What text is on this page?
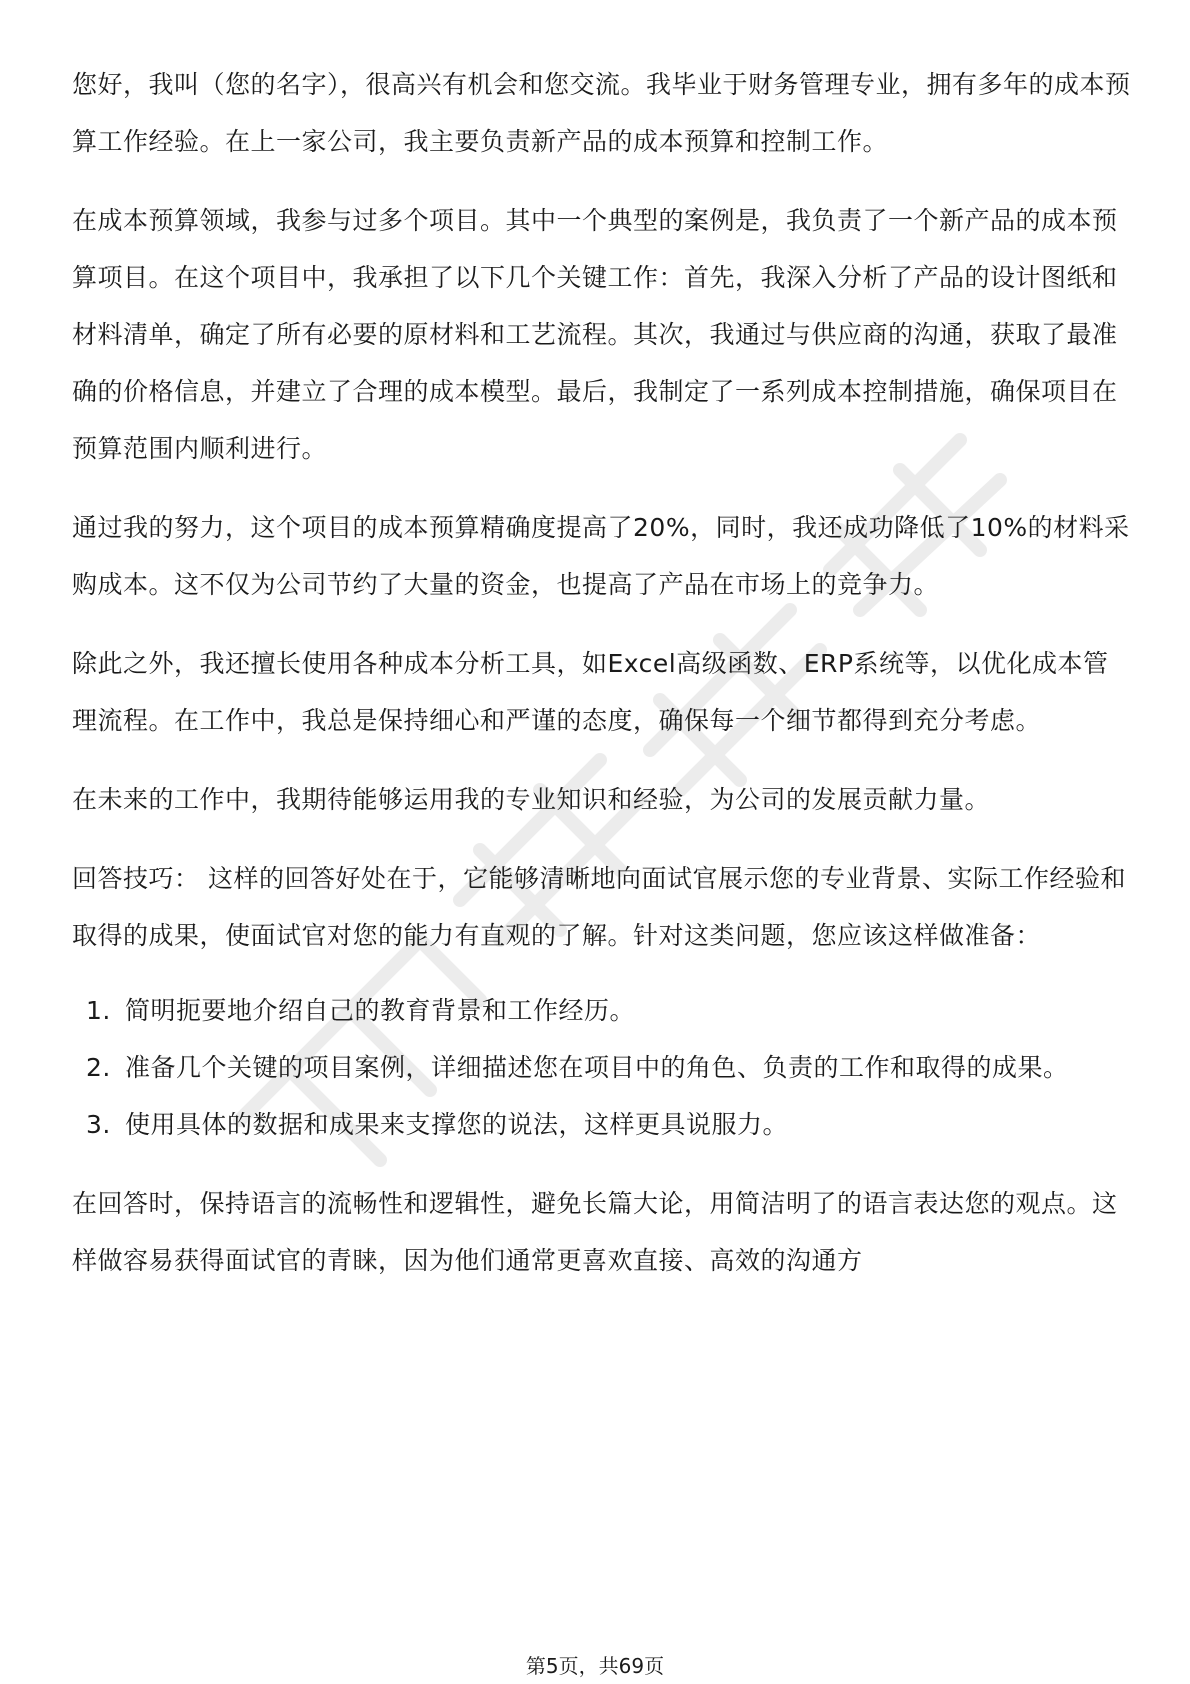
您好，我叫（您的名字），很高兴有机会和您交流。我毕业于财务管理专业，拥有多年的成本预算工作经验。在上一家公司，我主要负责新产品的成本预算和控制工作。

在成本预算领域，我参与过多个项目。其中一个典型的案例是，我负责了一个新产品的成本预算项目。在这个项目中，我承担了以下几个关键工作：首先，我深入分析了产品的设计图纸和材料清单，确定了所有必要的原材料和工艺流程。其次，我通过与供应商的沟通，获取了最准确的价格信息，并建立了合理的成本模型。最后，我制定了一系列成本控制措施，确保项目在预算范围内顺利进行。

通过我的努力，这个项目的成本预算精确度提高了20%，同时，我还成功降低了10%的材料采购成本。这不仅为公司节约了大量的资金，也提高了产品在市场上的竞争力。

除此之外，我还擅长使用各种成本分析工具，如Excel高级函数、ERP系统等，以优化成本管理流程。在工作中，我总是保持细心和严谨的态度，确保每一个细节都得到充分考虑。

在未来的工作中，我期待能够运用我的专业知识和经验，为公司的发展贡献力量。

回答技巧： 这样的回答好处在于，它能够清晰地向面试官展示您的专业背景、实际工作经验和取得的成果，使面试官对您的能力有直观的了解。针对这类问题，您应该这样做准备：

1. 简明扼要地介绍自己的教育背景和工作经历。
2. 准备几个关键的项目案例，详细描述您在项目中的角色、负责的工作和取得的成果。
3. 使用具体的数据和成果来支撑您的说法，这样更具说服力。

在回答时，保持语言的流畅性和逻辑性，避免长篇大论，用简洁明了的语言表达您的观点。这样做容易获得面试官的青睐，因为他们通常更喜欢直接、高效的沟通方

第5页，共69页
